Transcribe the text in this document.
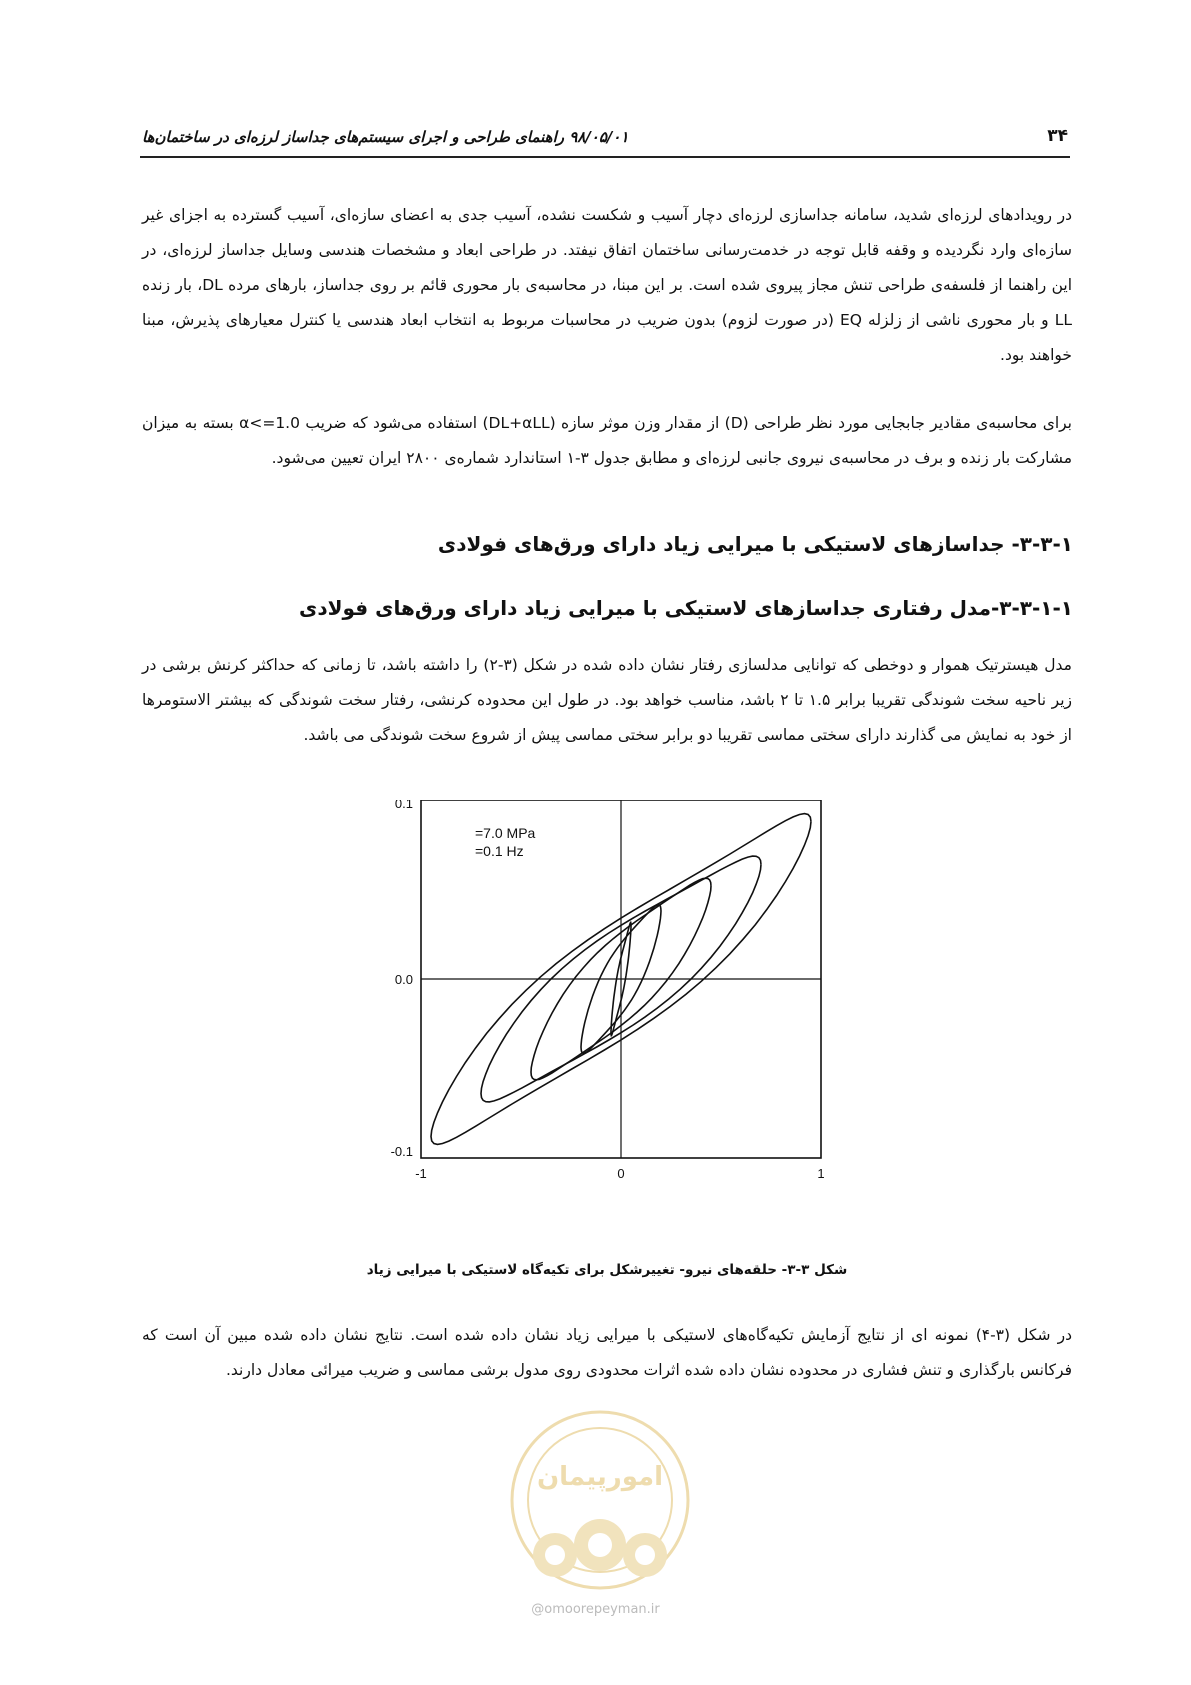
۹۸/۰۵/۰۱ راهنمای طراحی و اجرای سیستم‌های جداساز لرزه‌ای در ساختمان‌ها	۳۴

در رویدادهای لرزه‌ای شدید، سامانه جداسازی لرزه‌ای دچار آسیب و شکست نشده، آسیب جدی به اعضای سازه‌ای، آسیب گسترده به اجزای غیر سازه‌ای وارد نگردیده و وقفه قابل توجه در خدمت‌رسانی ساختمان اتفاق نیفتد. در طراحی ابعاد و مشخصات هندسی وسایل جداساز لرزه‌ای، در این راهنما از فلسفه‌ی طراحی تنش مجاز پیروی شده است. بر این مبنا، در محاسبه‌ی بار محوری قائم بر روی جداساز، بارهای مرده DL، بار زنده LL و بار محوری ناشی از زلزله EQ (در صورت لزوم) بدون ضریب در محاسبات مربوط به انتخاب ابعاد هندسی یا کنترل معیارهای پذیرش، مبنا خواهند بود.

برای محاسبه‌ی مقادیر جابجایی مورد نظر طراحی (D) از مقدار وزن موثر سازه (DL+αLL) استفاده می‌شود که ضریب α<=1.0 بسته به میزان مشارکت بار زنده و برف در محاسبه‌ی نیروی جانبی لرزه‌ای و مطابق جدول ۳-۱ استاندارد شماره‌ی ۲۸۰۰ ایران تعیین می‌شود.

۳-۳-۱- جداسازهای لاستیکی با میرایی زیاد دارای ورق‌های فولادی
۳-۳-۱-۱-مدل رفتاری جداسازهای لاستیکی با میرایی زیاد دارای ورق‌های فولادی

مدل هیسترتیک هموار و دوخطی که توانایی مدلسازی رفتار نشان داده شده در شکل (۳-۲) را داشته باشد، تا زمانی که حداکثر کرنش برشی در زیر ناحیه سخت شوندگی تقریبا برابر ۱.۵ تا ۲ باشد، مناسب خواهد بود. در طول این محدوده کرنشی، رفتار سخت شوندگی که بیشتر الاستومرها از خود به نمایش می گذارند دارای سختی مماسی تقریبا دو برابر سختی مماسی پیش از شروع سخت شوندگی می باشد.

0.1
0.0
-0.1
-1	0	1
=7.0 MPa
=0.1 Hz
شکل ۳-۳- حلقه‌های نیرو- تغییرشکل برای تکیه‌گاه لاستیکی با میرایی زیاد

در شکل (۳-۴) نمونه ای از نتایج آزمایش تکیه‌گاه‌های لاستیکی با میرایی زیاد نشان داده شده است. نتایج نشان داده شده مبین آن است که فرکانس بارگذاری و تنش فشاری در محدوده نشان داده شده اثرات محدودی روی مدول برشی مماسی و ضریب میرائی معادل دارند.

امورپیمان
@omoorepeyman.ir
